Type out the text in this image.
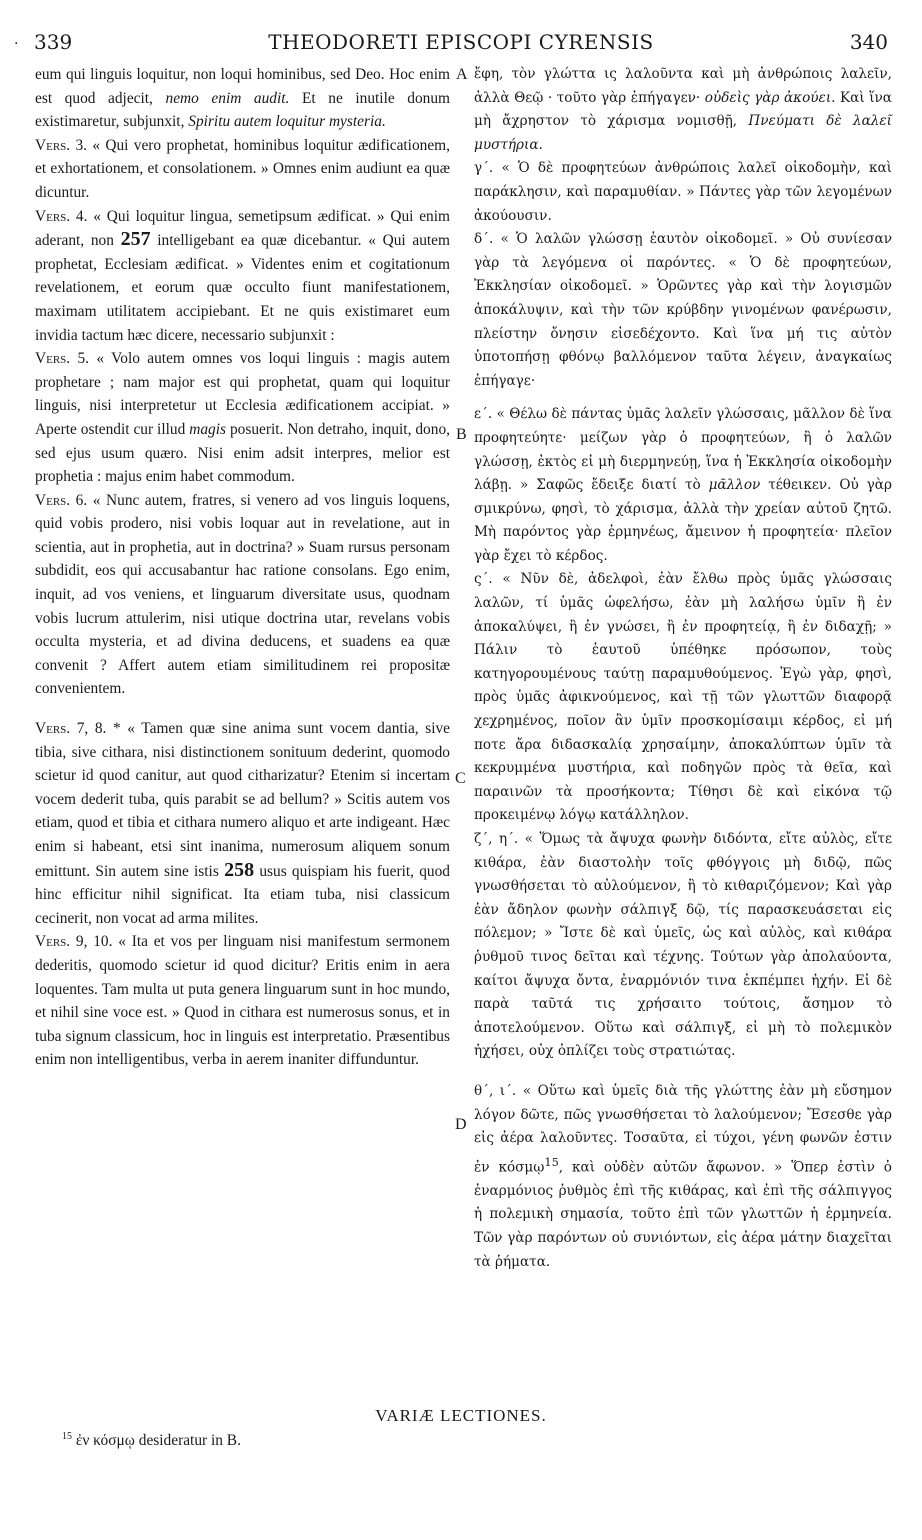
· 339	THEODORETI EPISCOPI CYRENSIS	340
A
B
C
D

eum qui linguis loquitur, non loqui hominibus, sed Deo. Hoc enim est quod adjecit, nemo enim audit. Et ne inutile donum existimaretur, subjunxit, Spiritu autem loquitur mysteria.

Vers. 3. « Qui vero prophetat, hominibus loquitur ædificationem, et exhortationem, et consolationem. » Omnes enim audiunt ea quæ dicuntur.

Vers. 4. « Qui loquitur lingua, semetipsum ædificat. » Qui enim aderant, non 257 intelligebant ea quæ dicebantur. « Qui autem prophetat, Ecclesiam ædificat. » Videntes enim et cogitationum revelationem, et eorum quæ occulto fiunt manifestationem, maximam utilitatem accipiebant. Et ne quis existimaret eum invidia tactum hæc dicere, necessario subjunxit :

Vers. 5. « Volo autem omnes vos loqui linguis : magis autem prophetare ; nam major est qui prophetat, quam qui loquitur linguis, nisi interpretetur ut Ecclesia ædificationem accipiat. » Aperte ostendit cur illud magis posuerit. Non detraho, inquit, dono, sed ejus usum quæro. Nisi enim adsit interpres, melior est prophetia : majus enim habet commodum.

Vers. 6. « Nunc autem, fratres, si venero ad vos linguis loquens, quid vobis prodero, nisi vobis loquar aut in revelatione, aut in scientia, aut in prophetia, aut in doctrina? » Suam rursus personam subdidit, eos qui accusabantur hac ratione consolans. Ego enim, inquit, ad vos veniens, et linguarum diversitate usus, quodnam vobis lucrum attulerim, nisi utique doctrina utar, revelans vobis occulta mysteria, et ad divina deducens, et suadens ea quæ convenit ? Affert autem etiam similitudinem rei propositæ convenientem.

Vers. 7, 8. * « Tamen quæ sine anima sunt vocem dantia, sive tibia, sive cithara, nisi distinctionem sonituum dederint, quomodo scietur id quod canitur, aut quod citharizatur? Etenim si incertam vocem dederit tuba, quis parabit se ad bellum? » Scitis autem vos etiam, quod et tibia et cithara numero aliquo et arte indigeant. Hæc enim si habeant, etsi sint inanima, numerosum aliquem sonum emittunt. Sin autem sine istis 258 usus quispiam his fuerit, quod hinc efficitur nihil significat. Ita etiam tuba, nisi classicum cecinerit, non vocat ad arma milites.

Vers. 9, 10. « Ita et vos per linguam nisi manifestum sermonem dederitis, quomodo scietur id quod dicitur? Eritis enim in aera loquentes. Tam multa ut puta genera linguarum sunt in hoc mundo, et nihil sine voce est. » Quod in cithara est numerosus sonus, et in tuba signum classicum, hoc in linguis est interpretatio. Præsentibus enim non intelligentibus, verba in aerem inaniter diffunduntur.

ἔφη, τὸν γλώττα ις λαλοῦντα καὶ μὴ ἀνθρώποις λαλεῖν, ἀλλὰ Θεῷ · τοῦτο γὰρ ἐπήγαγεν· οὐδεὶς γὰρ ἀκούει. Καὶ ἵνα μὴ ἄχρηστον τὸ χάρισμα νομισθῇ, Πνεύματι δὲ λαλεῖ μυστήρια.

γ΄. « Ὁ δὲ προφητεύων ἀνθρώποις λαλεῖ οἰκοδομὴν, καὶ παράκλησιν, καὶ παραμυθίαν. » Πάντες γὰρ τῶν λεγομένων ἀκούουσιν.

δ΄. « Ὁ λαλῶν γλώσσῃ ἑαυτὸν οἰκοδομεῖ. » Οὐ συνίεσαν γὰρ τὰ λεγόμενα οἱ παρόντες. « Ὁ δὲ προφητεύων, Ἐκκλησίαν οἰκοδομεῖ. » Ὁρῶντες γὰρ καὶ τὴν λογισμῶν ἀποκάλυψιν, καὶ τὴν τῶν κρύβδην γινομένων φανέρωσιν, πλείστην ὄνησιν εἰσεδέχοντο. Καὶ ἵνα μή τις αὐτὸν ὑποτοπήσῃ φθόνῳ βαλλόμενον ταῦτα λέγειν, ἀναγκαίως ἐπήγαγε·

ε΄. « Θέλω δὲ πάντας ὑμᾶς λαλεῖν γλώσσαις, μᾶλλον δὲ ἵνα προφητεύητε· μείζων γὰρ ὁ προφητεύων, ἢ ὁ λαλῶν γλώσσῃ, ἐκτὸς εἰ μὴ διερμηνεύῃ, ἵνα ἡ Ἐκκλησία οἰκοδομὴν λάβῃ. » Σαφῶς ἔδειξε διατί τὸ μᾶλλον τέθεικεν. Οὐ γὰρ σμικρύνω, φησὶ, τὸ χάρισμα, ἀλλὰ τὴν χρείαν αὐτοῦ ζητῶ. Μὴ παρόντος γὰρ ἑρμηνέως, ἄμεινον ἡ προφητεία· πλεῖον γὰρ ἔχει τὸ κέρδος.

ς΄. « Νῦν δὲ, ἀδελφοὶ, ἐὰν ἔλθω πρὸς ὑμᾶς γλώσσαις λαλῶν, τί ὑμᾶς ὠφελήσω, ἐὰν μὴ λαλήσω ὑμῖν ἢ ἐν ἀποκαλύψει, ἢ ἐν γνώσει, ἢ ἐν προφητείᾳ, ἢ ἐν διδαχῇ; » Πάλιν τὸ ἑαυτοῦ ὑπέθηκε πρόσωπον, τοὺς κατηγορουμένους ταύτῃ παραμυθούμενος. Ἐγὼ γὰρ, φησὶ, πρὸς ὑμᾶς ἀφικνούμενος, καὶ τῇ τῶν γλωττῶν διαφορᾷ χεχρημένος, ποῖον ἂν ὑμῖν προσκομίσαιμι κέρδος, εἰ μή ποτε ἄρα διδασκαλίᾳ χρησαίμην, ἀποκαλύπτων ὑμῖν τὰ κεκρυμμένα μυστήρια, καὶ ποδηγῶν πρὸς τὰ θεῖα, καὶ παραινῶν τὰ προσήκοντα; Τίθησι δὲ καὶ εἰκόνα τῷ προκειμένῳ λόγῳ κατάλληλον.

ζ΄, η΄. « Ὅμως τὰ ἄψυχα φωνὴν διδόντα, εἴτε αὐλὸς, εἴτε κιθάρα, ἐὰν διαστολὴν τοῖς φθόγγοις μὴ διδῷ, πῶς γνωσθήσεται τὸ αὐλούμενον, ἢ τὸ κιθαριζόμενον; Καὶ γὰρ ἐὰν ἄδηλον φωνὴν σάλπιγξ δῷ, τίς παρασκευάσεται εἰς πόλεμον; » Ἴστε δὲ καὶ ὑμεῖς, ὡς καὶ αὐλὸς, καὶ κιθάρα ῥυθμοῦ τινος δεῖται καὶ τέχνης. Τούτων γὰρ ἀπολαύοντα, καίτοι ἄψυχα ὄντα, ἐναρμόνιόν τινα ἐκπέμπει ἠχήν. Εἰ δὲ παρὰ ταῦτά τις χρήσαιτο τούτοις, ἄσημον τὸ ἀποτελούμενον. Οὕτω καὶ σάλπιγξ, εἰ μὴ τὸ πολεμικὸν ἠχήσει, οὐχ ὁπλίζει τοὺς στρατιώτας.

θ΄, ι΄. « Οὕτω καὶ ὑμεῖς διὰ τῆς γλώττης ἐὰν μὴ εὔσημον λόγον δῶτε, πῶς γνωσθήσεται τὸ λαλούμενον; Ἔσεσθε γὰρ εἰς ἀέρα λαλοῦντες. Τοσαῦτα, εἰ τύχοι, γένη φωνῶν ἐστιν ἐν κόσμῳ$^{15}$, καὶ οὐδὲν αὐτῶν ἄφωνον. » Ὅπερ ἐστὶν ὁ ἐναρμόνιος ῥυθμὸς ἐπὶ τῆς κιθάρας, καὶ ἐπὶ τῆς σάλπιγγος ἡ πολεμικὴ σημασία, τοῦτο ἐπὶ τῶν γλωττῶν ἡ ἑρμηνεία. Τῶν γὰρ παρόντων οὐ συνιόντων, εἰς ἀέρα μάτην διαχεῖται τὰ ῥήματα.

VARIÆ LECTIONES.
$^{15}$ ἐν κόσμῳ desideratur in B.
